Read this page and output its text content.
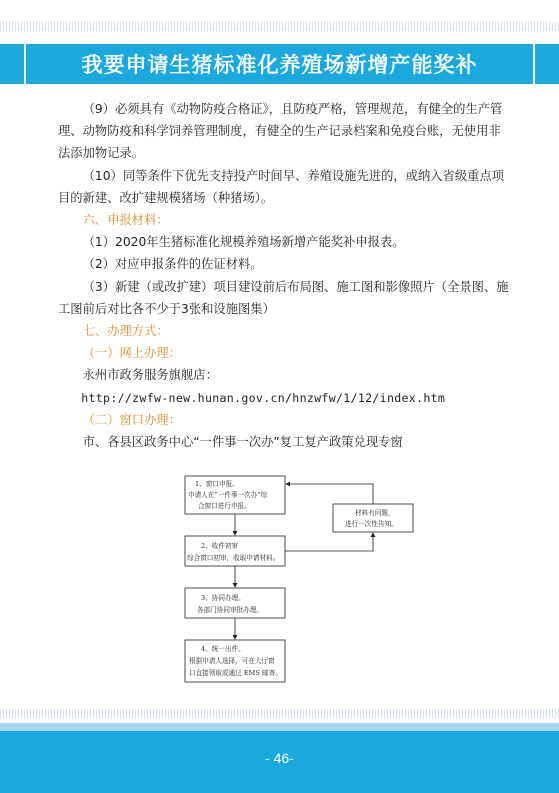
我要申请生猪标准化养殖场新增产能奖补

（9）必须具有《动物防疫合格证》，且防疫严格，管理规范，有健全的生产管理、动物防疫和科学饲养管理制度，有健全的生产记录档案和免疫台账，无使用非法添加物记录。

（10）同等条件下优先支持投产时间早、养殖设施先进的，或纳入省级重点项目的新建、改扩建规模猪场（种猪场）。

六、申报材料：

（1）2020年生猪标准化规模养殖场新增产能奖补申报表。

（2）对应申报条件的佐证材料。

（3）新建（或改扩建）项目建设前后布局图、施工图和影像照片（全景图、施工图前后对比各不少于3张和设施图集）

七、办理方式：

（一）网上办理：

永州市政务服务旗舰店：

http://zwfw-new.hunan.gov.cn/hnzwfw/1/12/index.htm

（二）窗口办理：

市、各县区政务中心“一件事一次办”复工复产政策兑现专窗

1、窗口申报。
申请人在“一件事一次办”综
合窗口进行申报。
2、收件初审
综合窗口初审，收取申请材料。
3、协同办理。
各部门协同审批办理。
4、统一出件。
根据申请人选择，可在大厅窗
口直接领取或通过 EMS 邮寄。
材料有问题，
进行一次性告知。
- 46-
